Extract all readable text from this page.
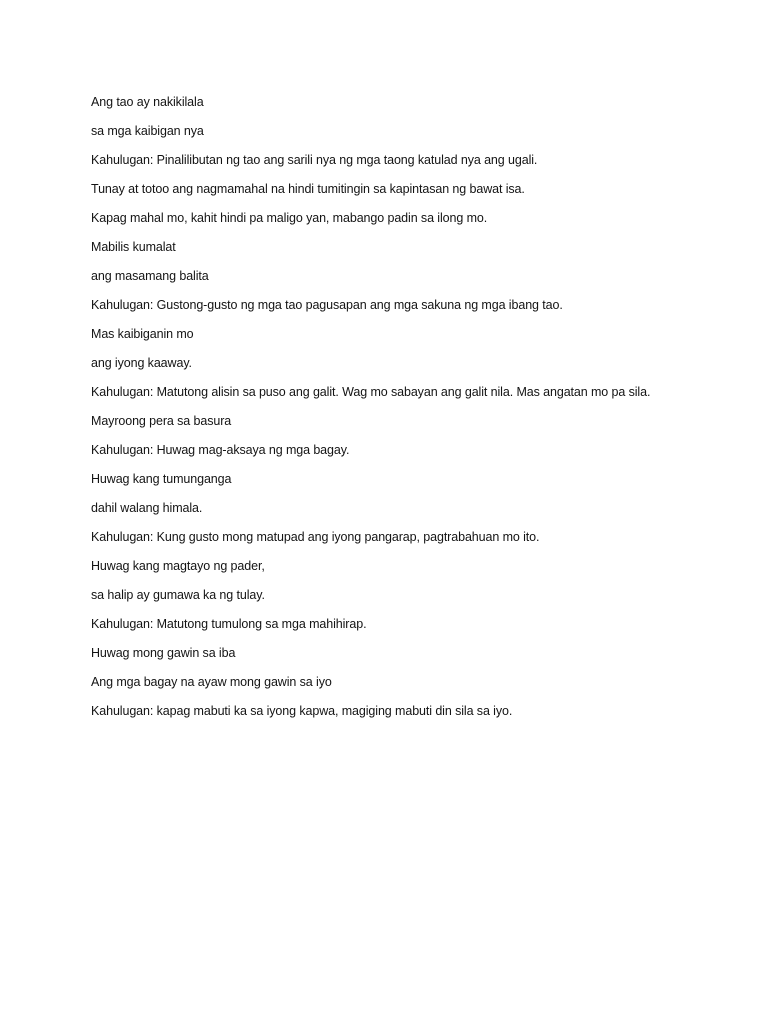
Ang tao ay nakikilala

sa mga kaibigan nya

Kahulugan: Pinalilibutan ng tao ang sarili nya ng mga taong katulad nya ang ugali.

Tunay at totoo ang nagmamahal na hindi tumitingin sa kapintasan ng bawat isa.

Kapag mahal mo, kahit hindi pa maligo yan, mabango padin sa ilong mo.

Mabilis kumalat

ang masamang balita

Kahulugan: Gustong-gusto ng mga tao pagusapan ang mga sakuna ng mga ibang tao.

Mas kaibiganin mo

ang iyong kaaway.

Kahulugan: Matutong alisin sa puso ang galit. Wag mo sabayan ang galit nila. Mas angatan mo pa sila.

Mayroong pera sa basura

Kahulugan: Huwag mag-aksaya ng mga bagay.

Huwag kang tumunganga

dahil walang himala.

Kahulugan: Kung gusto mong matupad ang iyong pangarap, pagtrabahuan mo ito.

Huwag kang magtayo ng pader,

sa halip ay gumawa ka ng tulay.

Kahulugan: Matutong tumulong sa mga mahihirap.

Huwag mong gawin sa iba

Ang mga bagay na ayaw mong gawin sa iyo

Kahulugan: kapag mabuti ka sa iyong kapwa, magiging mabuti din sila sa iyo.
